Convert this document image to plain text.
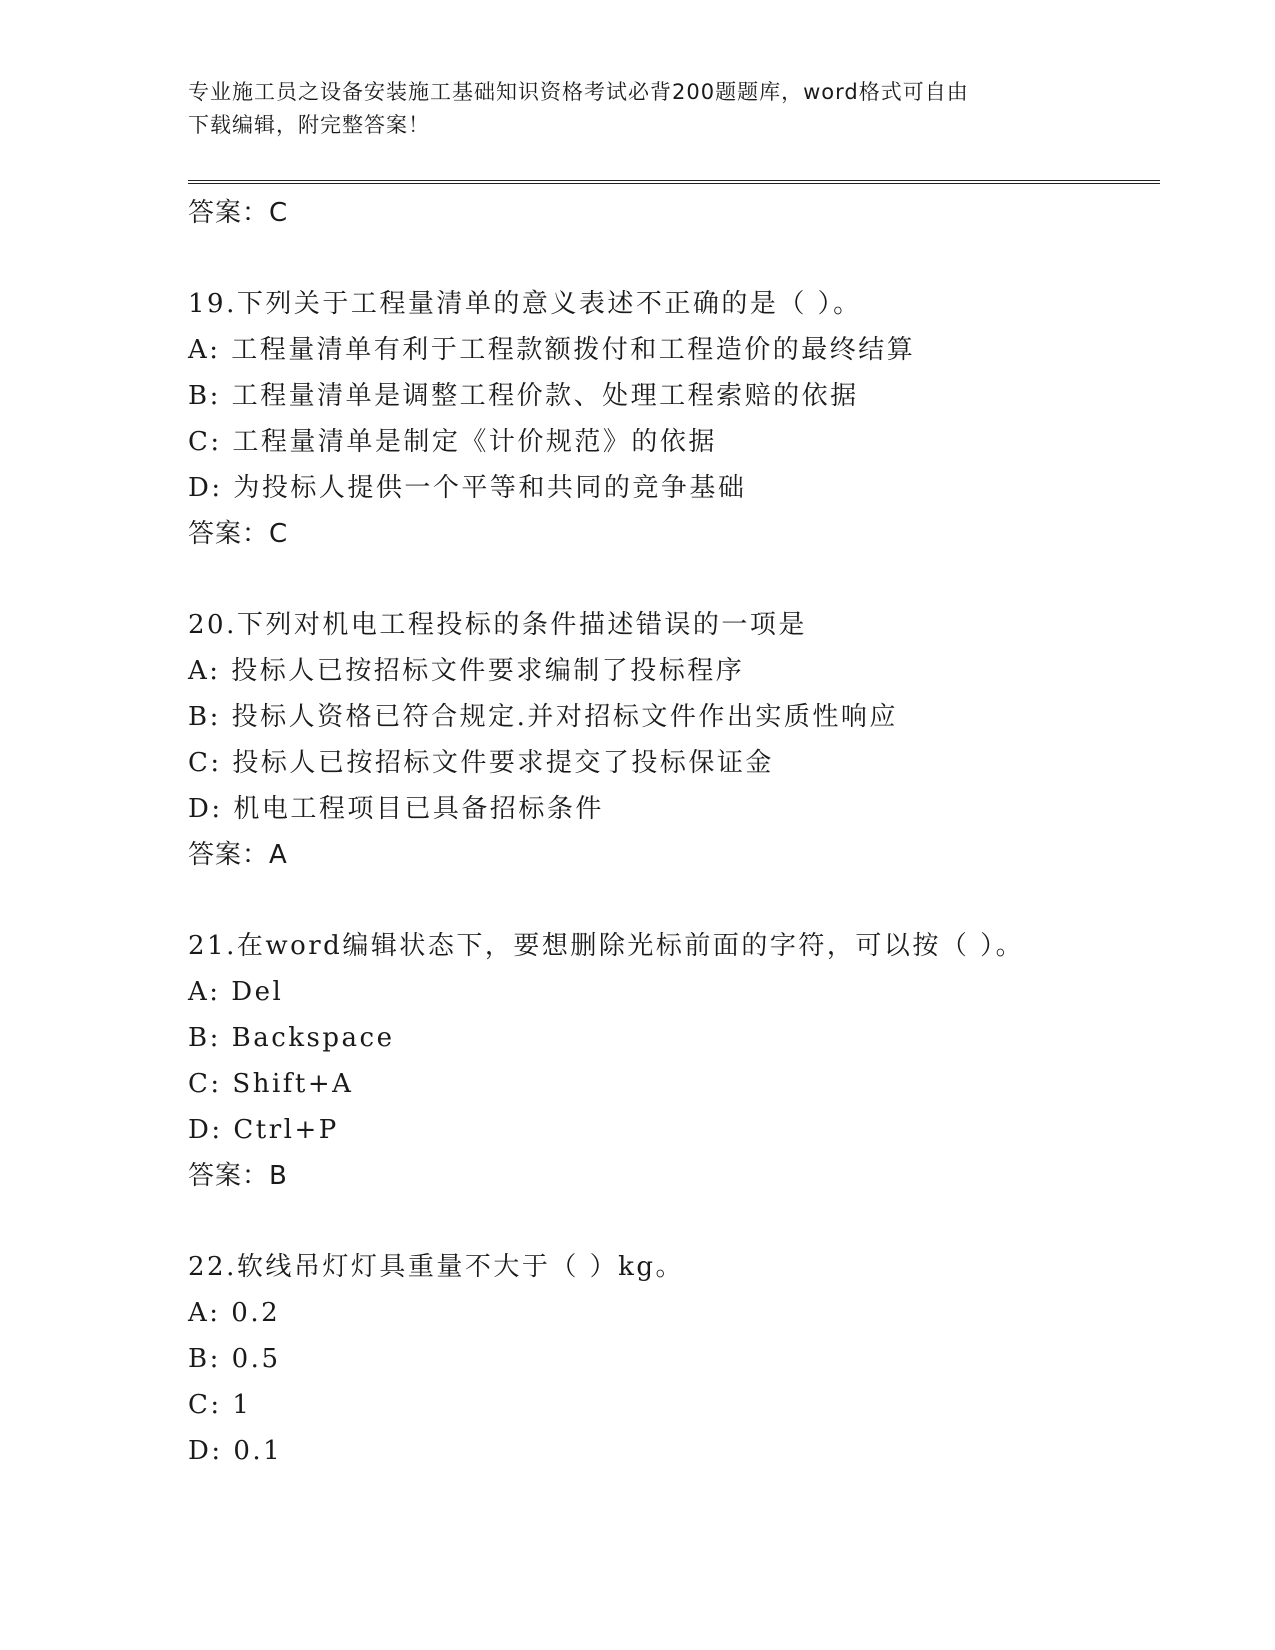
专业施工员之设备安装施工基础知识资格考试必背200题题库，word格式可自由
下载编辑，附完整答案！
答案：C
19.下列关于工程量清单的意义表述不正确的是（ ）。
A: 工程量清单有利于工程款额拨付和工程造价的最终结算
B: 工程量清单是调整工程价款、处理工程索赔的依据
C: 工程量清单是制定《计价规范》的依据
D: 为投标人提供一个平等和共同的竞争基础
答案：C
20.下列对机电工程投标的条件描述错误的一项是
A: 投标人已按招标文件要求编制了投标程序
B: 投标人资格已符合规定.并对招标文件作出实质性响应
C: 投标人已按招标文件要求提交了投标保证金
D: 机电工程项目已具备招标条件
答案：A
21.在word编辑状态下，要想删除光标前面的字符，可以按（ ）。
A: Del
B: Backspace
C: Shift+A
D: Ctrl+P
答案：B
22.软线吊灯灯具重量不大于（ ）kg。
A: 0.2
B: 0.5
C: 1
D: 0.1
